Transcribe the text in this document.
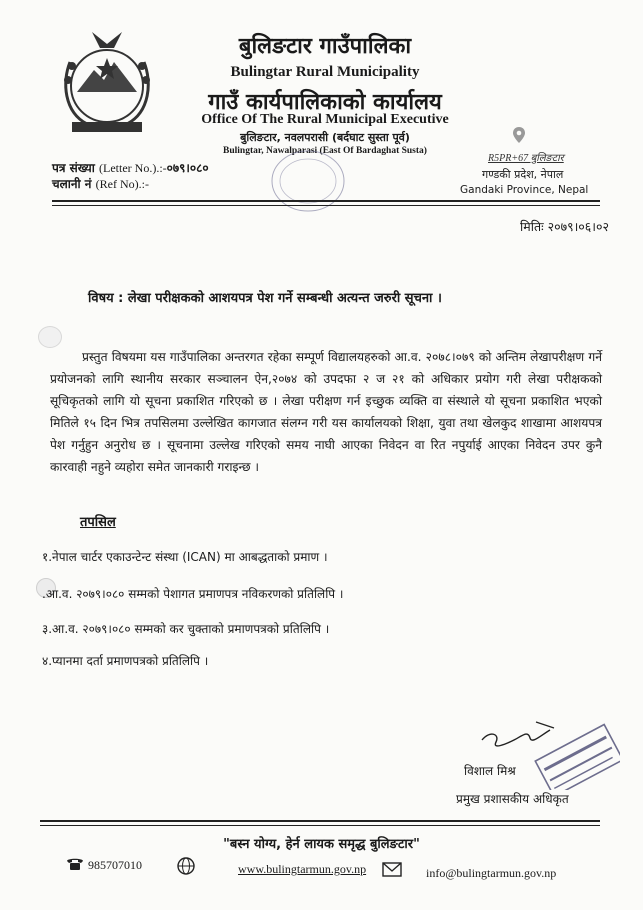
बुलिङटार गाउँपालिका
Bulingtar Rural Municipality
गाउँ कार्यपालिकाको कार्यालय
Office Of The Rural Municipal Executive
बुलिङटार, नवलपरासी (बर्दघाट सुस्ता पूर्व)
Bulingtar, Nawalparasi (East Of Bardaghat Susta)
पत्र संख्या (Letter No.).:-०७९।०८०
चलानी नं (Ref No).:-
R5PR+67 बुलिङटार
गण्डकी प्रदेश, नेपाल
Gandaki Province, Nepal
मितिः २०७९।०६।०२
विषय : लेखा परीक्षकको आशयपत्र पेश गर्ने सम्बन्धी अत्यन्त जरुरी सूचना ।
प्रस्तुत विषयमा यस गाउँपालिका अन्तरगत रहेका सम्पूर्ण विद्यालयहरुको आ.व. २०७८।०७९ को अन्तिम लेखापरीक्षण गर्ने प्रयोजनको लागि स्थानीय सरकार सञ्चालन ऐन,२०७४ को उपदफा २ ज २१ को अधिकार प्रयोग गरी लेखा परीक्षकको सूचिकृतको लागि यो सूचना प्रकाशित गरिएको छ । लेखा परीक्षण गर्न इच्छुक व्यक्ति वा संस्थाले यो सूचना प्रकाशित भएको मितिले १५ दिन भित्र तपसिलमा उल्लेखित कागजात संलग्न गरी यस कार्यालयको शिक्षा, युवा तथा खेलकुद शाखामा आशयपत्र पेश गर्नुहुन अनुरोध छ । सूचनामा उल्लेख गरिएको समय नाघी आएका निवेदन वा रित नपुर्याई आएका निवेदन उपर कुनै कारवाही नहुने व्यहोरा समेत जानकारी गराइन्छ ।
तपसिल
१.नेपाल चार्टर एकाउन्टेन्ट संस्था (ICAN) मा आबद्धताको प्रमाण ।
.आ.व. २०७९।०८० सम्मको पेशागत प्रमाणपत्र नविकरणको प्रतिलिपि ।
३.आ.व. २०७९।०८० सम्मको कर चुक्ताको प्रमाणपत्रको प्रतिलिपि ।
४.प्यानमा दर्ता प्रमाणपत्रको प्रतिलिपि ।
विशाल मिश्र
प्रमुख प्रशासकीय अधिकृत
"बस्न योग्य, हेर्न लायक समृद्ध बुलिङटार"
985707010	www.bulingtarmun.gov.np	info@bulingtarmun.gov.np
